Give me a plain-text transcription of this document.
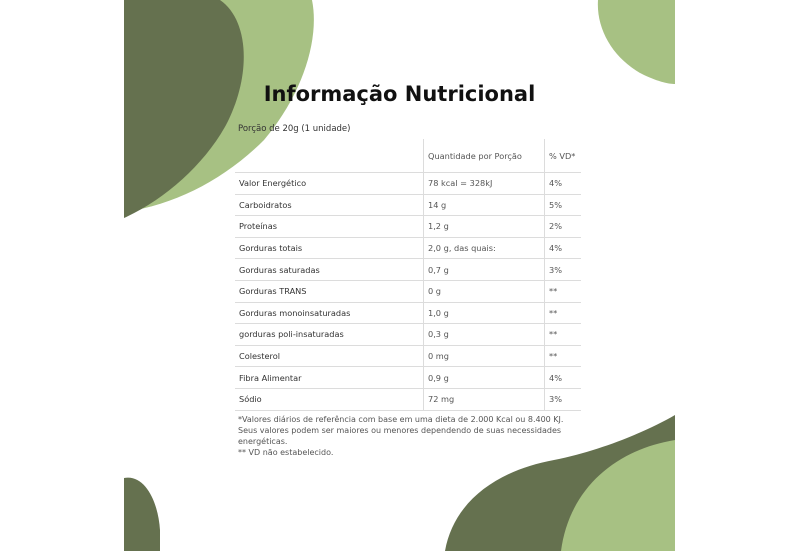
Informação Nutricional
Porção de 20g (1 unidade)
	Quantidade por Porção	% VD*
Valor Energético	78 kcal = 328kJ	4%
Carboidratos	14 g	5%
Proteínas	1,2 g	2%
Gorduras totais	2,0 g, das quais:	4%
Gorduras saturadas	0,7 g	3%
Gorduras TRANS	0 g	**
Gorduras monoinsaturadas	1,0 g	**
gorduras poli-insaturadas	0,3 g	**
Colesterol	0 mg	**
Fibra Alimentar	0,9 g	4%
Sódio	72 mg	3%
*Valores diários de referência com base em uma dieta de 2.000 Kcal ou 8.400 KJ. Seus valores podem ser maiores ou menores dependendo de suas necessidades energéticas.
** VD não estabelecido.
